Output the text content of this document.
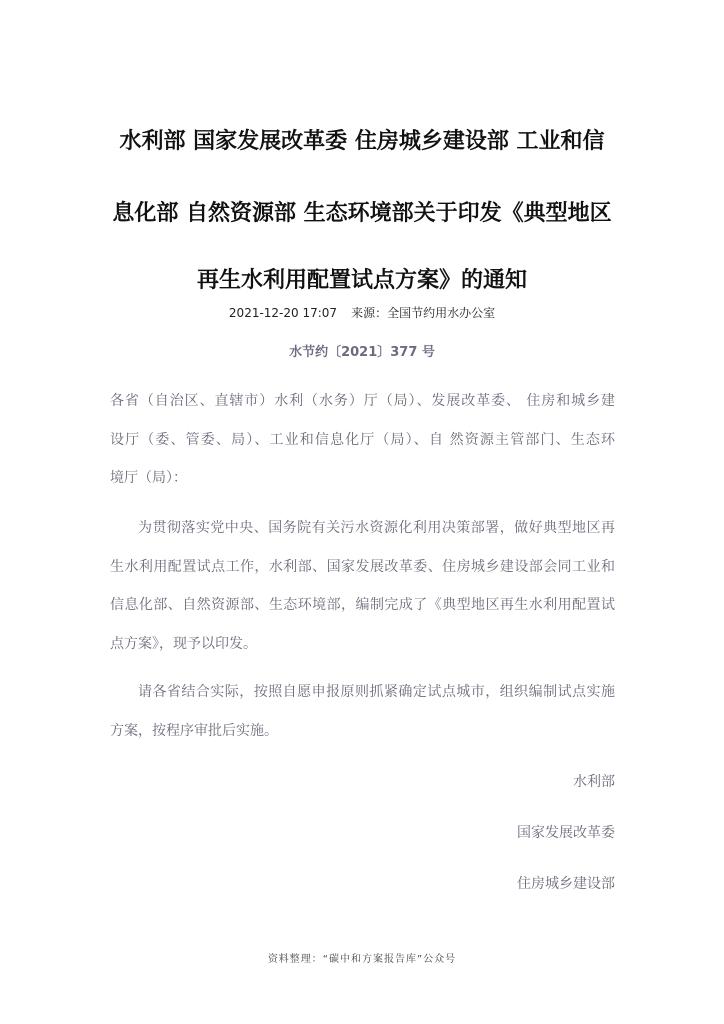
水利部 国家发展改革委 住房城乡建设部 工业和信
息化部 自然资源部 生态环境部关于印发《典型地区
再生水利用配置试点方案》的通知
2021-12-20 17:07 来源：全国节约用水办公室
水节约〔2021〕377 号
各省（自治区、直辖市）水利（水务）厅（局）、发展改革委、 住房和城乡建
设厅（委、管委、局）、工业和信息化厅（局）、自 然资源主管部门、生态环
境厅（局）：
为贯彻落实党中央、国务院有关污水资源化利用决策部署，做好典型地区再
生水利用配置试点工作，水利部、国家发展改革委、住房城乡建设部会同工业和
信息化部、自然资源部、生态环境部，编制完成了《典型地区再生水利用配置试
点方案》，现予以印发。
请各省结合实际，按照自愿申报原则抓紧确定试点城市，组织编制试点实施
方案，按程序审批后实施。
水利部
国家发展改革委
住房城乡建设部
资料整理：“碳中和方案报告库”公众号
